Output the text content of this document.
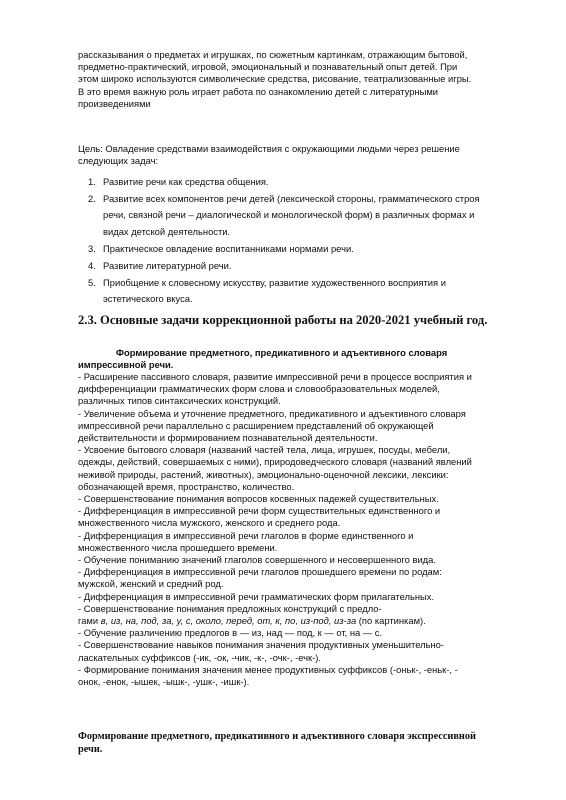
рассказывания о предметах и игрушках, по сюжетным картинкам, отражающим бытовой,
предметно-практический, игровой, эмоциональный и познавательный опыт детей. При
этом широко используются символические средства, рисование, театрализованные игры.
В это время важную роль играет работа по ознакомлению детей с литературными
произведениями
Цель: Овладение средствами взаимодействия с окружающими людьми через решение
следующих задач:
1. Развитие речи как средства общения.
2. Развитие всех компонентов речи детей (лексической стороны, грамматического строя
речи, связной речи – диалогической и монологической форм) в различных формах и
видах детской деятельности.
3. Практическое овладение воспитанниками нормами речи.
4. Развитие литературной речи.
5. Приобщение к словесному искусству, развитие художественного восприятия и
эстетического вкуса.
2.3. Основные задачи коррекционной работы на 2020-2021 учебный год.
Формирование предметного, предикативного и адъективного словаря
импрессивной речи.

- Расширение пассивного словаря, развитие импрессивной речи в процессе восприятия и
дифференциации грамматических форм слова и словообразовательных моделей,
различных типов синтаксических конструкций.

- Увеличение объема и уточнение предметного, предикативного и адъективного словаря
импрессивной речи параллельно с расширением представлений об окружающей
действительности и формированием познавательной деятельности.

- Усвоение бытового словаря (названий частей тела, лица, игрушек, посуды, мебели,
одежды, действий, совершаемых с ними), природоведческого словаря (названий явлений
неживой природы, растений, животных), эмоционально-оценочной лексики, лексики:
обозначающей время, пространство, количество.

- Совершенствование понимания вопросов косвенных падежей существительных.

- Дифференциация в импрессивной речи форм существительных единственного и
множественного числа мужского, женского и среднего рода.

- Дифференциация в импрессивной речи глаголов в форме единственного и
множественного числа прошедшего времени.

- Обучение пониманию значений глаголов совершенного и несовершенного вида.

- Дифференциация в импрессивной речи глаголов прошедшего времени по родам:
мужской, женский и средний род.

- Дифференциация в импрессивной речи грамматических форм прилагательных.

- Совершенствование понимания предложных конструкций с предло-
гами в, из, на, под, за, у, с, около, перед, от, к, по, из-под, из-за (по картинкам).

- Обучение различению предлогов в — из, над — под, к — от, на — с.

- Совершенствование навыков понимания значения продуктивных уменьшительно-
ласкательных суффиксов (-ик, -ок, -чик, -к-, -очк-, -ечк-).

- Формирование понимания значения менее продуктивных суффиксов (-оньк-, -еньк-, -
онок, -енок, -ышек, -ышк-, -ушк-, -ишк-).

Формирование предметного, предикативного и адъективного словаря экспрессивной
речи.
